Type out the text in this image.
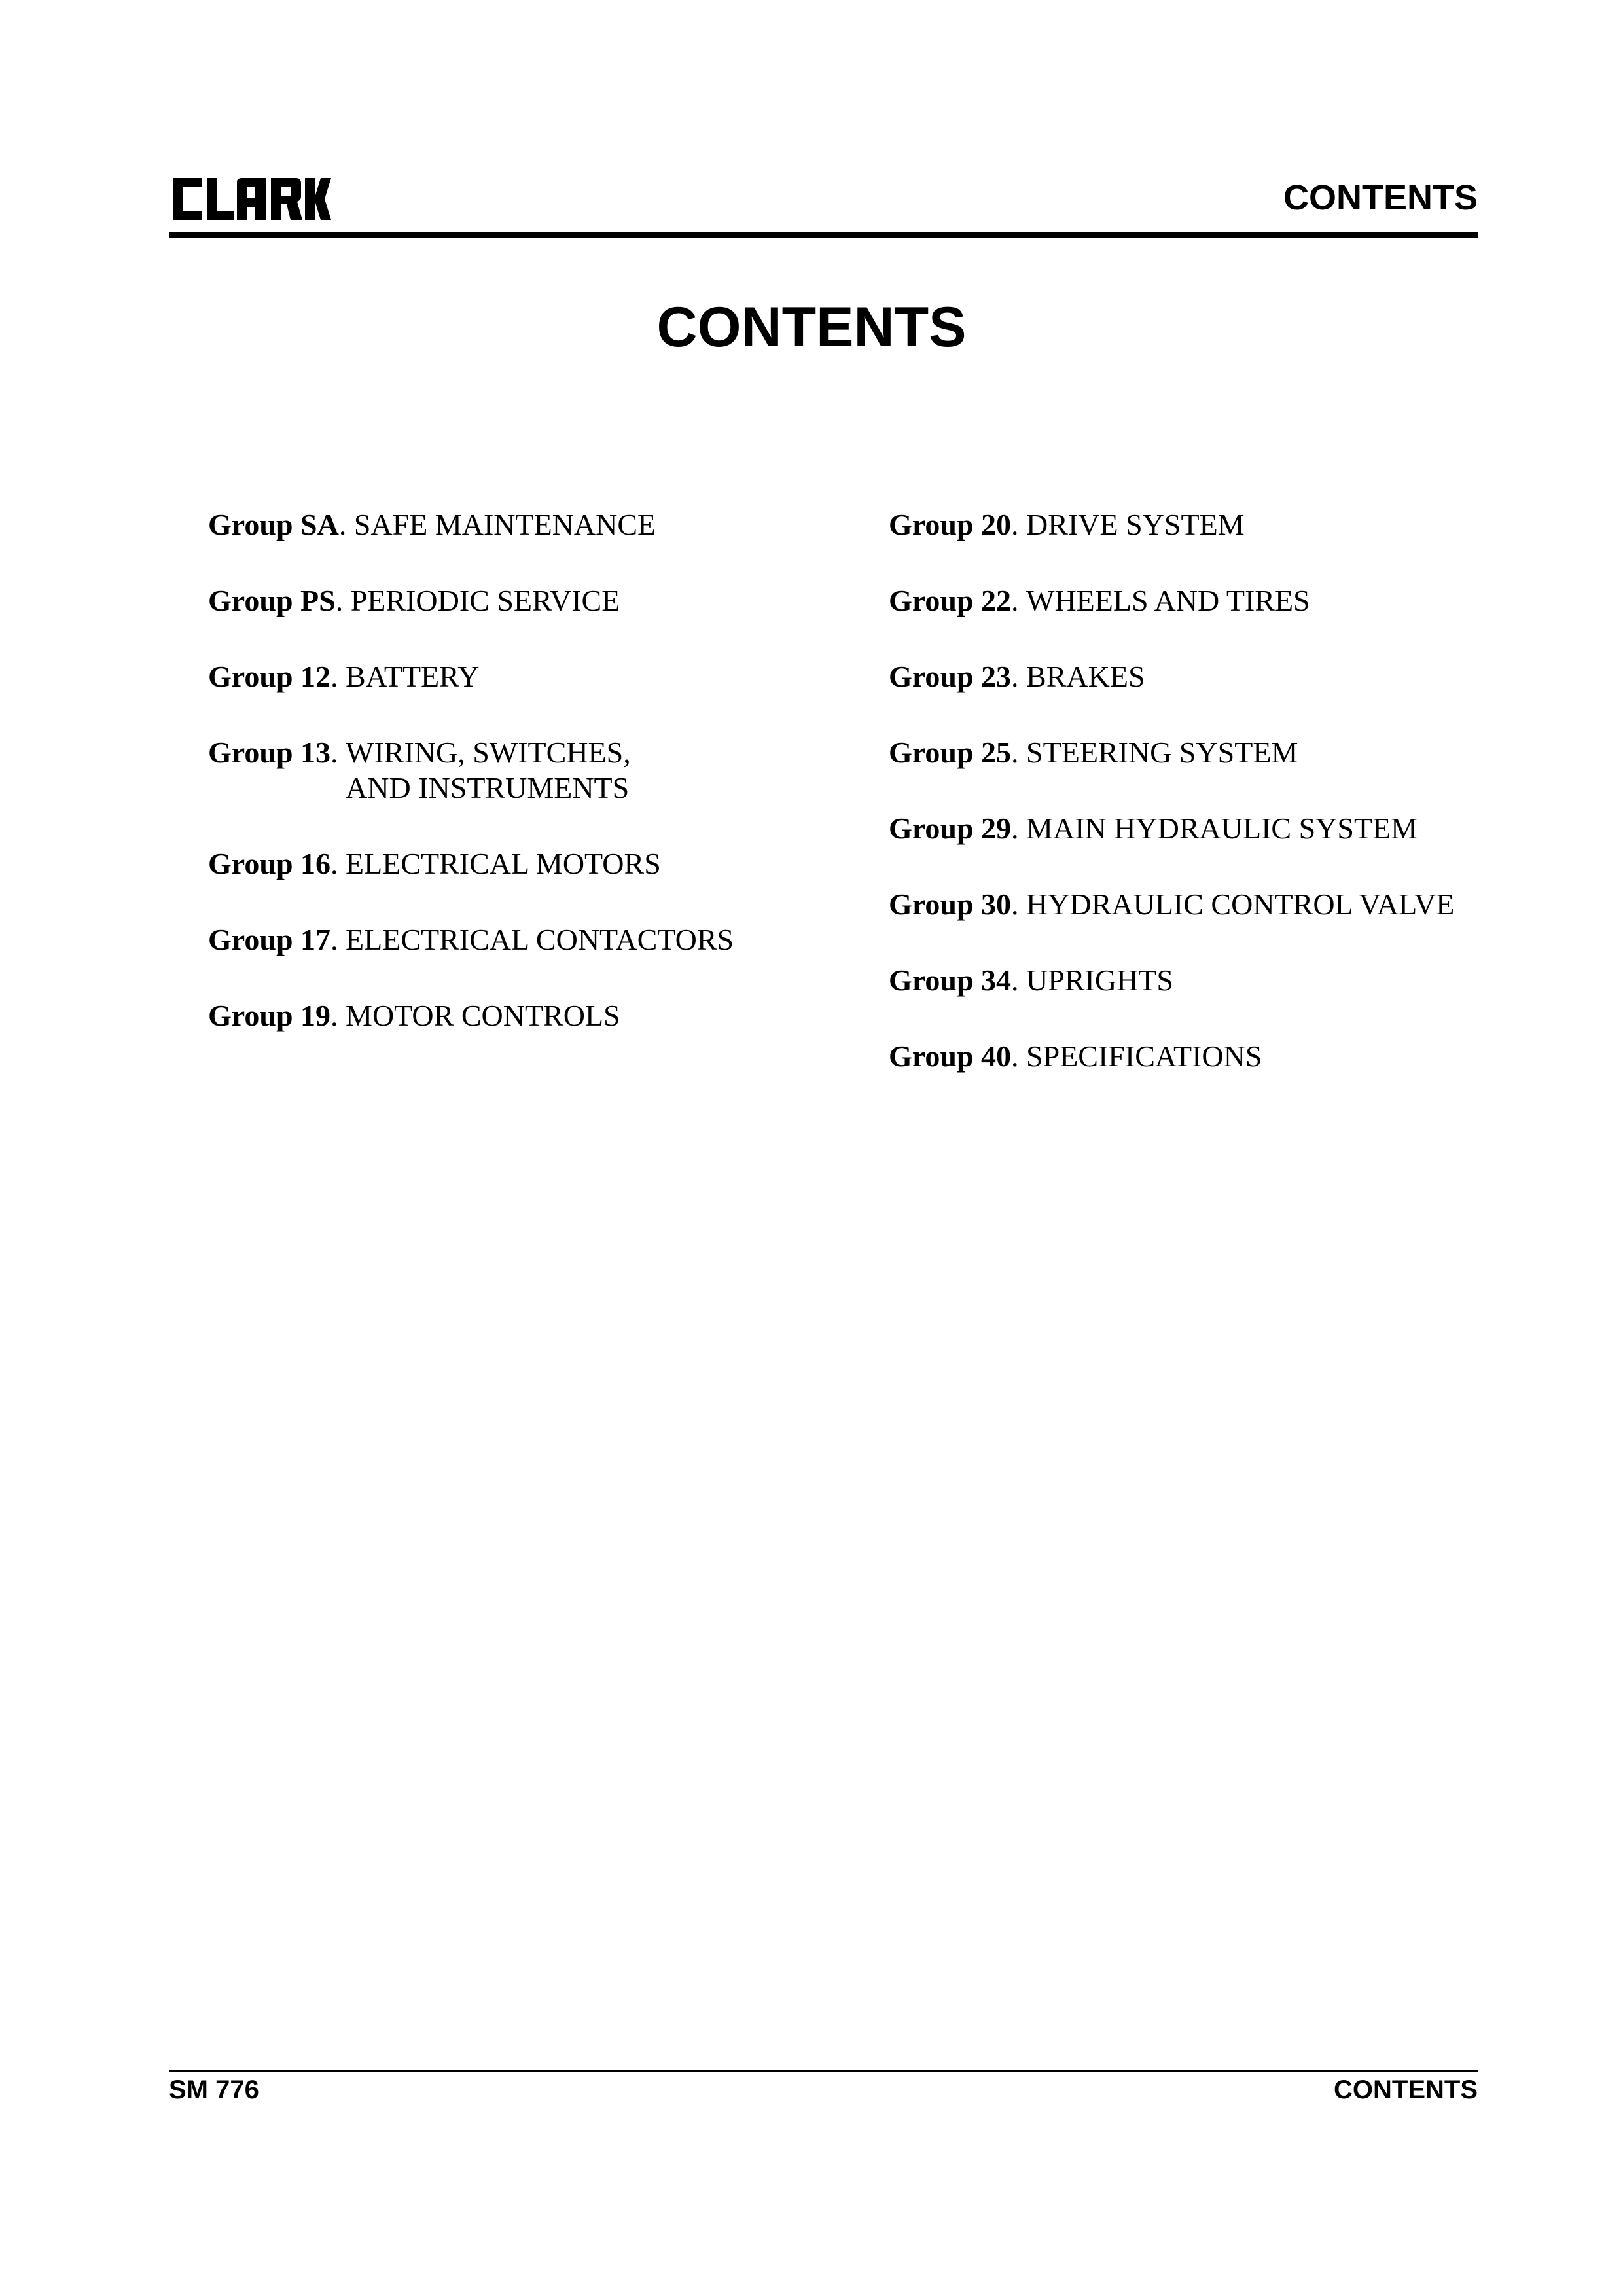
CONTENTS
CONTENTS
Group SA . SAFE MAINTENANCE
Group PS . PERIODIC SERVICE
Group 12 . BATTERY
Group 13 . WIRING, SWITCHES,
AND INSTRUMENTS
Group 16 . ELECTRICAL MOTORS
Group 17 . ELECTRICAL CONTACTORS
Group 19 . MOTOR CONTROLS
Group 20 . DRIVE SYSTEM
Group 22 . WHEELS AND TIRES
Group 23 . BRAKES
Group 25 . STEERING SYSTEM
Group 29 . MAIN HYDRAULIC SYSTEM
Group 30 . HYDRAULIC CONTROL VALVE
Group 34 . UPRIGHTS
Group 40 . SPECIFICATIONS
SM 776	CONTENTS
